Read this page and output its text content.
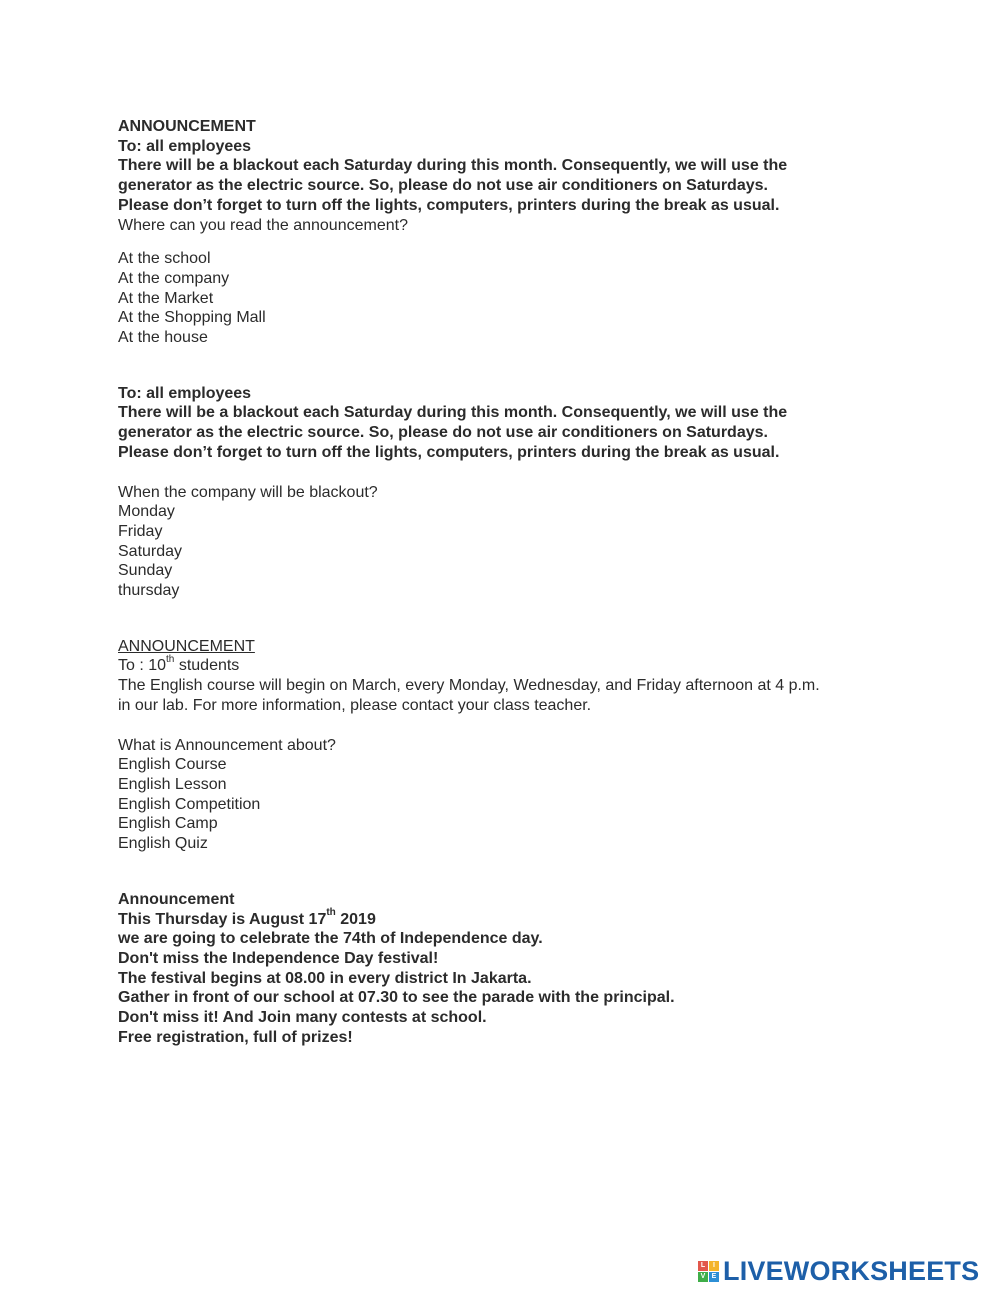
ANNOUNCEMENT
To: all employees
There will be a blackout each Saturday during this month. Consequently, we will use the
generator as the electric source. So, please do not use air conditioners on Saturdays.
Please don’t forget to turn off the lights, computers, printers during the break as usual.
Where can you read the announcement?
At the school
At the company
At the Market
At the Shopping Mall
At the house
To: all employees
There will be a blackout each Saturday during this month. Consequently, we will use the
generator as the electric source. So, please do not use air conditioners on Saturdays.
Please don’t forget to turn off the lights, computers, printers during the break as usual.
When the company will be blackout?
Monday
Friday
Saturday
Sunday
thursday
ANNOUNCEMENT
To : 10th students
The English course will begin on March, every Monday, Wednesday, and Friday afternoon at 4 p.m.
in our lab. For more information, please contact your class teacher.
What is Announcement about?
English Course
English Lesson
English Competition
English Camp
English Quiz
Announcement
This Thursday is August 17th 2019
we are going to celebrate the 74th of Independence day.
Don't miss the Independence Day festival!
The festival begins at 08.00 in every district In Jakarta.
Gather in front of our school at 07.30 to see the parade with the principal.
Don't miss it! And Join many contests at school.
Free registration, full of prizes!
L	I
V E LIVEWORKSHEETS
